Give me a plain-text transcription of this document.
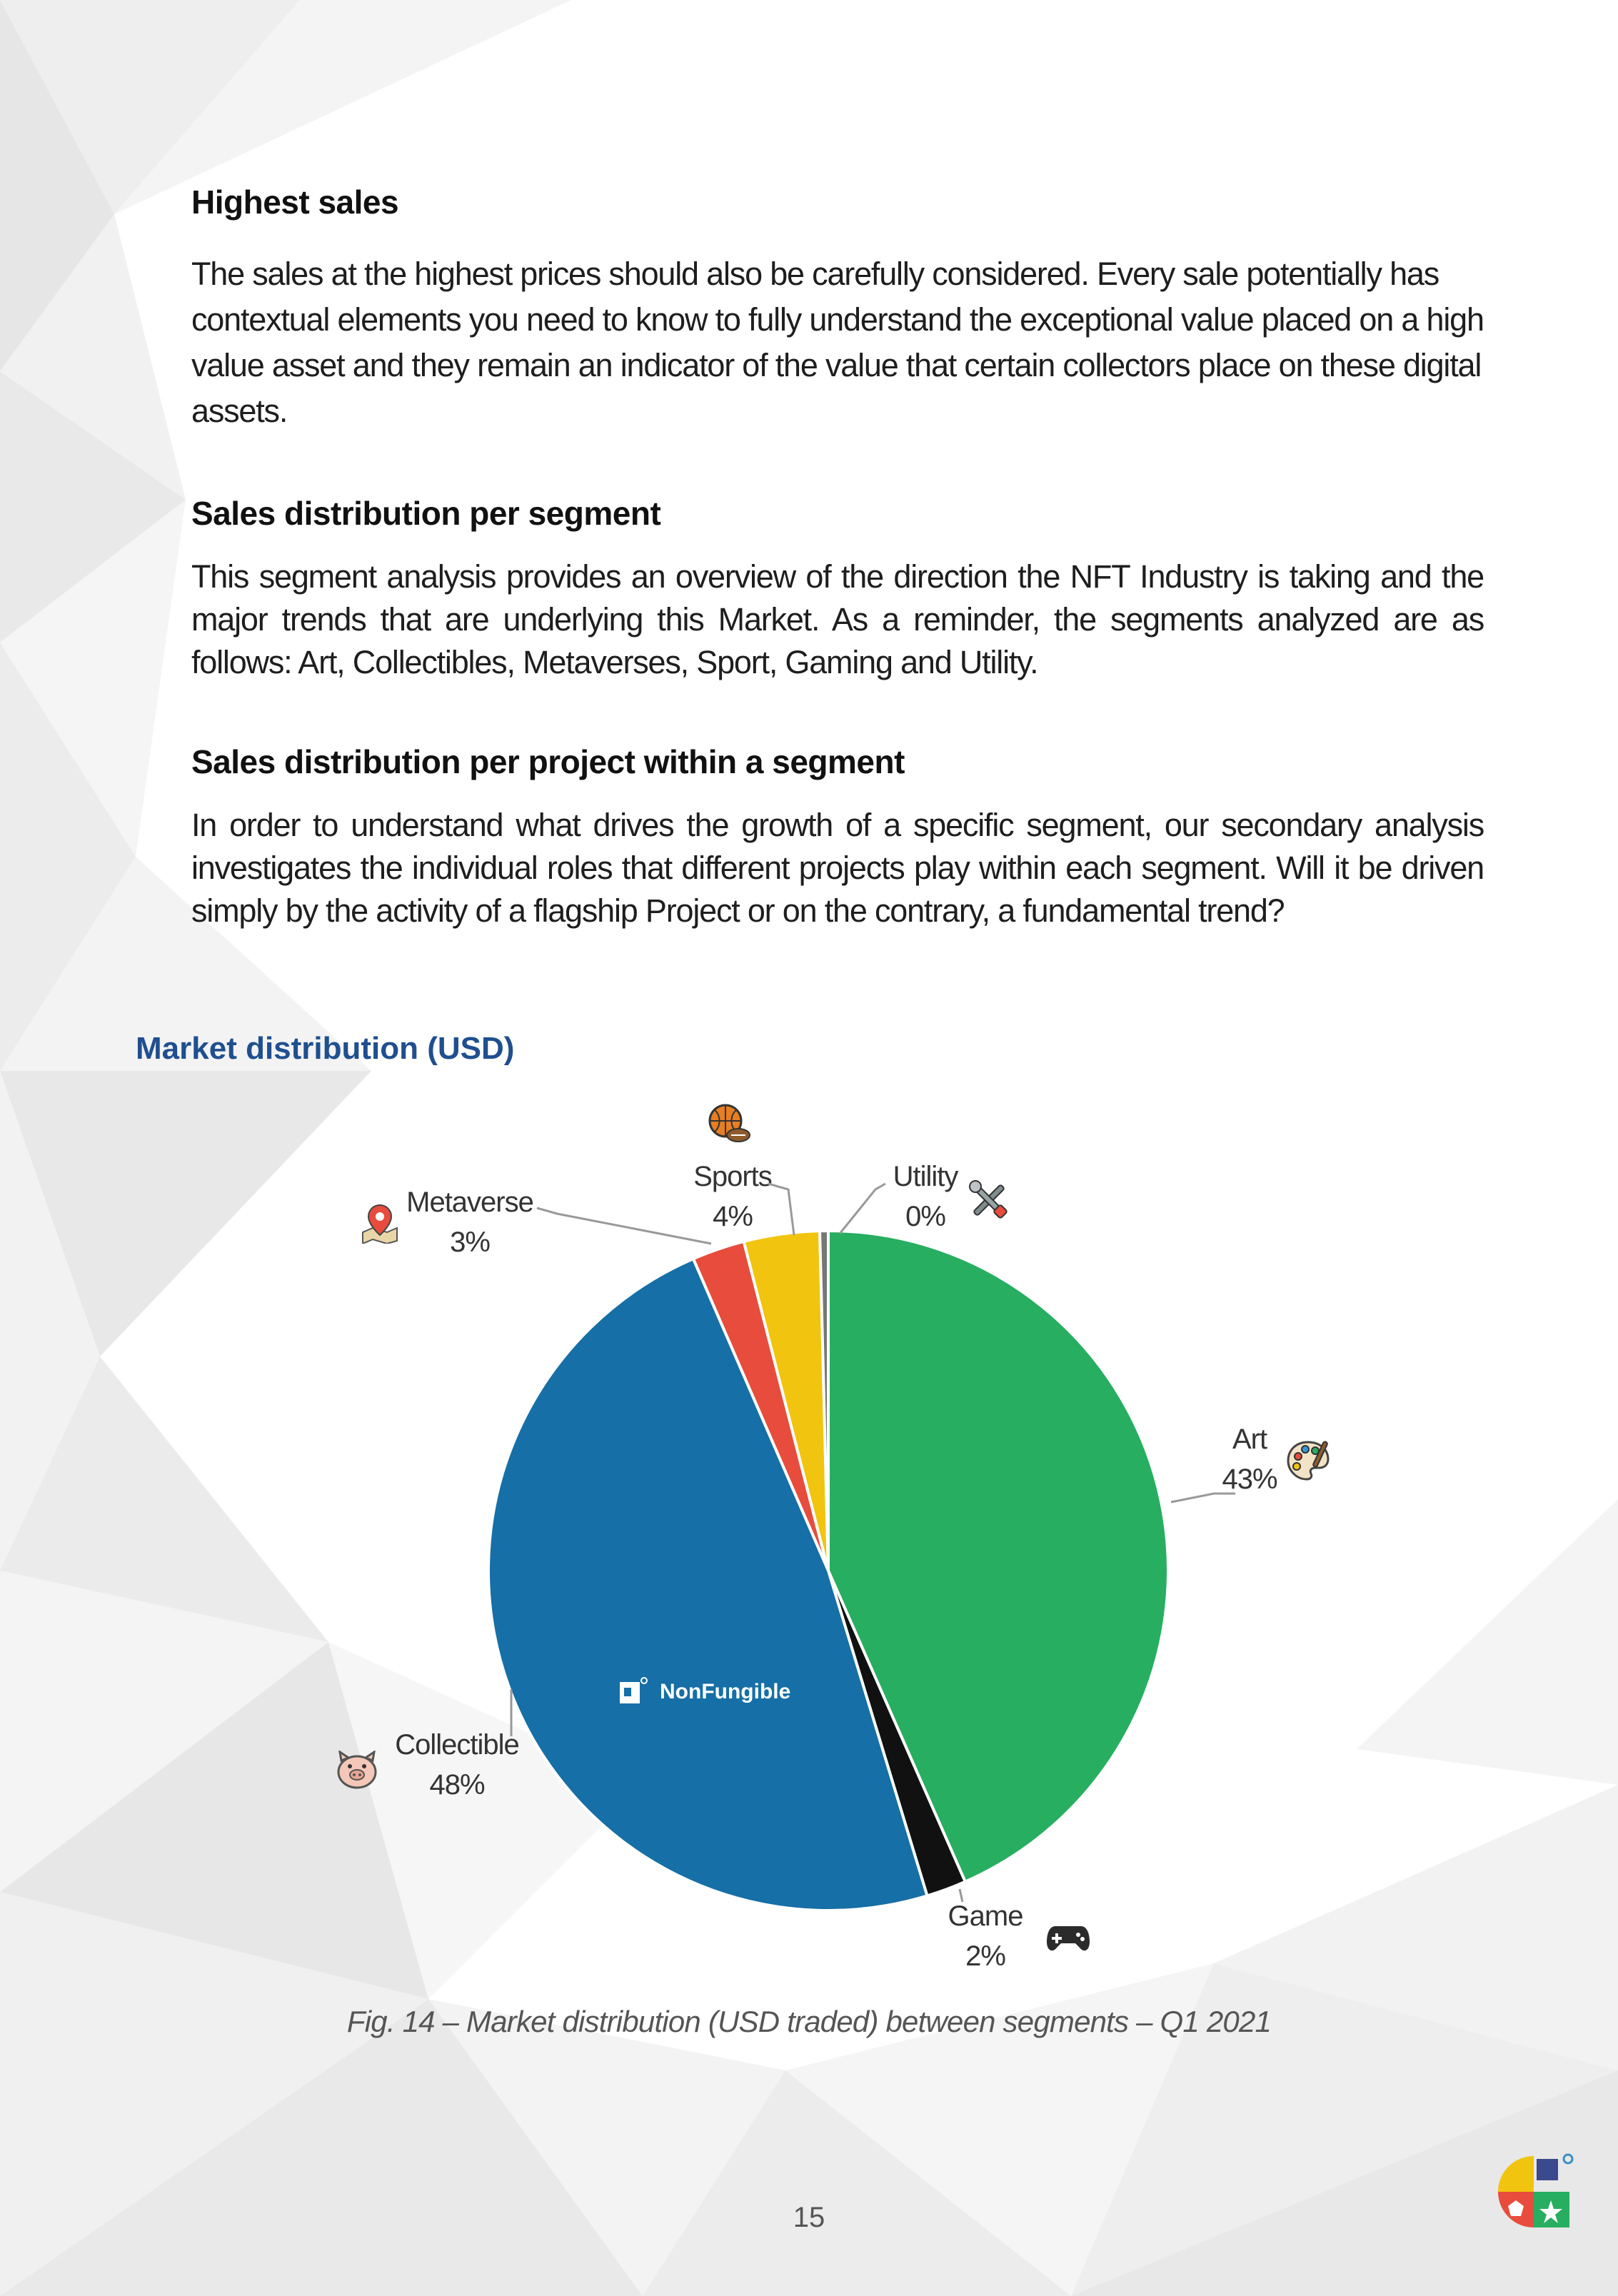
Highest sales
The sales at the highest prices should also be carefully considered. Every sale potentially has
contextual elements you need to know to fully understand the exceptional value placed on a high
value asset and they remain an indicator of the value that certain collectors place on these digital
assets.
Sales distribution per segment

This segment analysis provides an overview of the direction the NFT Industry is taking and the major trends that are underlying this Market. As a reminder, the segments analyzed are as follows: Art, Collectibles, Metaverses, Sport, Gaming and Utility.

Sales distribution per project within a segment

In order to understand what drives the growth of a specific segment, our secondary analysis investigates the individual roles that different projects play within each segment. Will it be driven simply by the activity of a flagship Project or on the contrary, a fundamental trend?

Market distribution (USD)
Art
43%
Game
2%
Collectible
48%
Metaverse
3%
Sports
4%
Utility
0%
NonFungible
Fig. 14 – Market distribution (USD traded) between segments – Q1 2021
15
